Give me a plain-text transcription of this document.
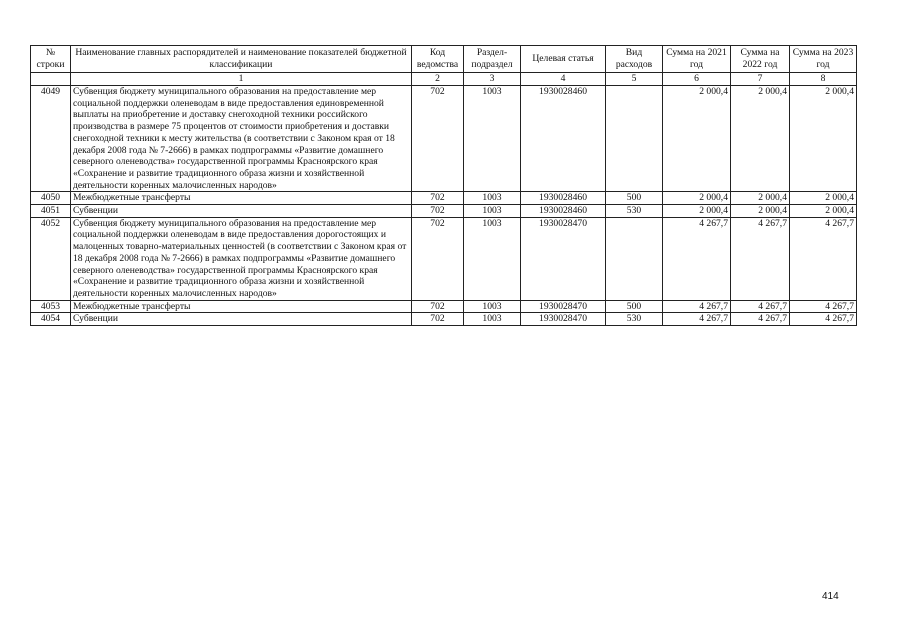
№ строки	Наименование главных распорядителей и наименование показателей бюджетной классификации	Код ведомства	Раздел-подраздел	Целевая статья	Вид расходов	Сумма на 2021 год	Сумма на 2022 год	Сумма на 2023 год
	1	2	3	4	5	6	7	8
4049	Субвенция бюджету муниципального образования на предоставление мер социальной поддержки оленеводам в виде предоставления единовременной выплаты на приобретение и доставку снегоходной техники российского производства в размере 75 процентов от стоимости приобретения и доставки снегоходной техники к месту жительства (в соответствии с Законом края от 18 декабря 2008 года № 7-2666) в рамках подпрограммы «Развитие домашнего северного оленеводства» государственной программы Красноярского края «Сохранение и развитие традиционного образа жизни и хозяйственной деятельности коренных малочисленных народов»	702	1003	1930028460		2 000,4	2 000,4	2 000,4
4050	Межбюджетные трансферты	702	1003	1930028460	500	2 000,4	2 000,4	2 000,4
4051	Субвенции	702	1003	1930028460	530	2 000,4	2 000,4	2 000,4
4052	Субвенция бюджету муниципального образования на предоставление мер социальной поддержки оленеводам в виде предоставления дорогостоящих и малоценных товарно-материальных ценностей (в соответствии с Законом края от 18 декабря 2008 года № 7-2666) в рамках подпрограммы «Развитие домашнего северного оленеводства» государственной программы Красноярского края «Сохранение и развитие традиционного образа жизни и хозяйственной деятельности коренных малочисленных народов»	702	1003	1930028470		4 267,7	4 267,7	4 267,7
4053	Межбюджетные трансферты	702	1003	1930028470	500	4 267,7	4 267,7	4 267,7
4054	Субвенции	702	1003	1930028470	530	4 267,7	4 267,7	4 267,7
414
